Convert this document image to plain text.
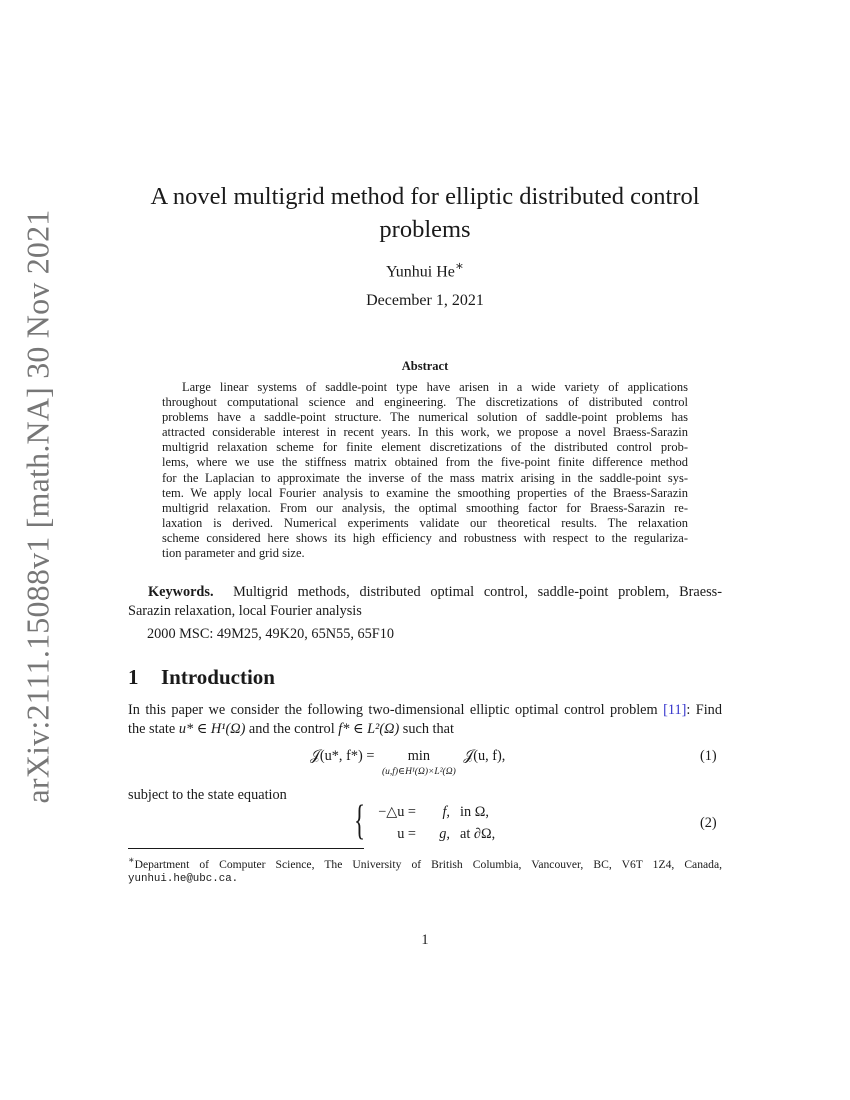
arXiv:2111.15088v1 [math.NA] 30 Nov 2021
A novel multigrid method for elliptic distributed control
problems
Yunhui He∗
December 1, 2021
Abstract
Large linear systems of saddle-point type have arisen in a wide variety of applications
throughout computational science and engineering. The discretizations of distributed control
problems have a saddle-point structure. The numerical solution of saddle-point problems has
attracted considerable interest in recent years. In this work, we propose a novel Braess-Sarazin
multigrid relaxation scheme for finite element discretizations of the distributed control prob-
lems, where we use the stiffness matrix obtained from the five-point finite difference method
for the Laplacian to approximate the inverse of the mass matrix arising in the saddle-point sys-
tem. We apply local Fourier analysis to examine the smoothing properties of the Braess-Sarazin
multigrid relaxation. From our analysis, the optimal smoothing factor for Braess-Sarazin re-
laxation is derived. Numerical experiments validate our theoretical results. The relaxation
scheme considered here shows its high efficiency and robustness with respect to the regulariza-
tion parameter and grid size.
Keywords. Multigrid methods, distributed optimal control, saddle-point problem, Braess-
Sarazin relaxation, local Fourier analysis
2000 MSC: 49M25, 49K20, 65N55, 65F10
1 Introduction
In this paper we consider the following two-dimensional elliptic optimal control problem [11]: Find
the state u* ∈ H¹(Ω) and the control f* ∈ L²(Ω) such that
𝒥(u*, f*) = min
(u,f)∈H¹(Ω)×L²(Ω)
𝒥(u, f),	(1)
subject to the state equation
{ −△u = f, in Ω,
u = g, at ∂Ω,
(2)
∗Department of Computer Science, The University of British Columbia, Vancouver, BC, V6T 1Z4, Canada,
yunhui.he@ubc.ca.
1
